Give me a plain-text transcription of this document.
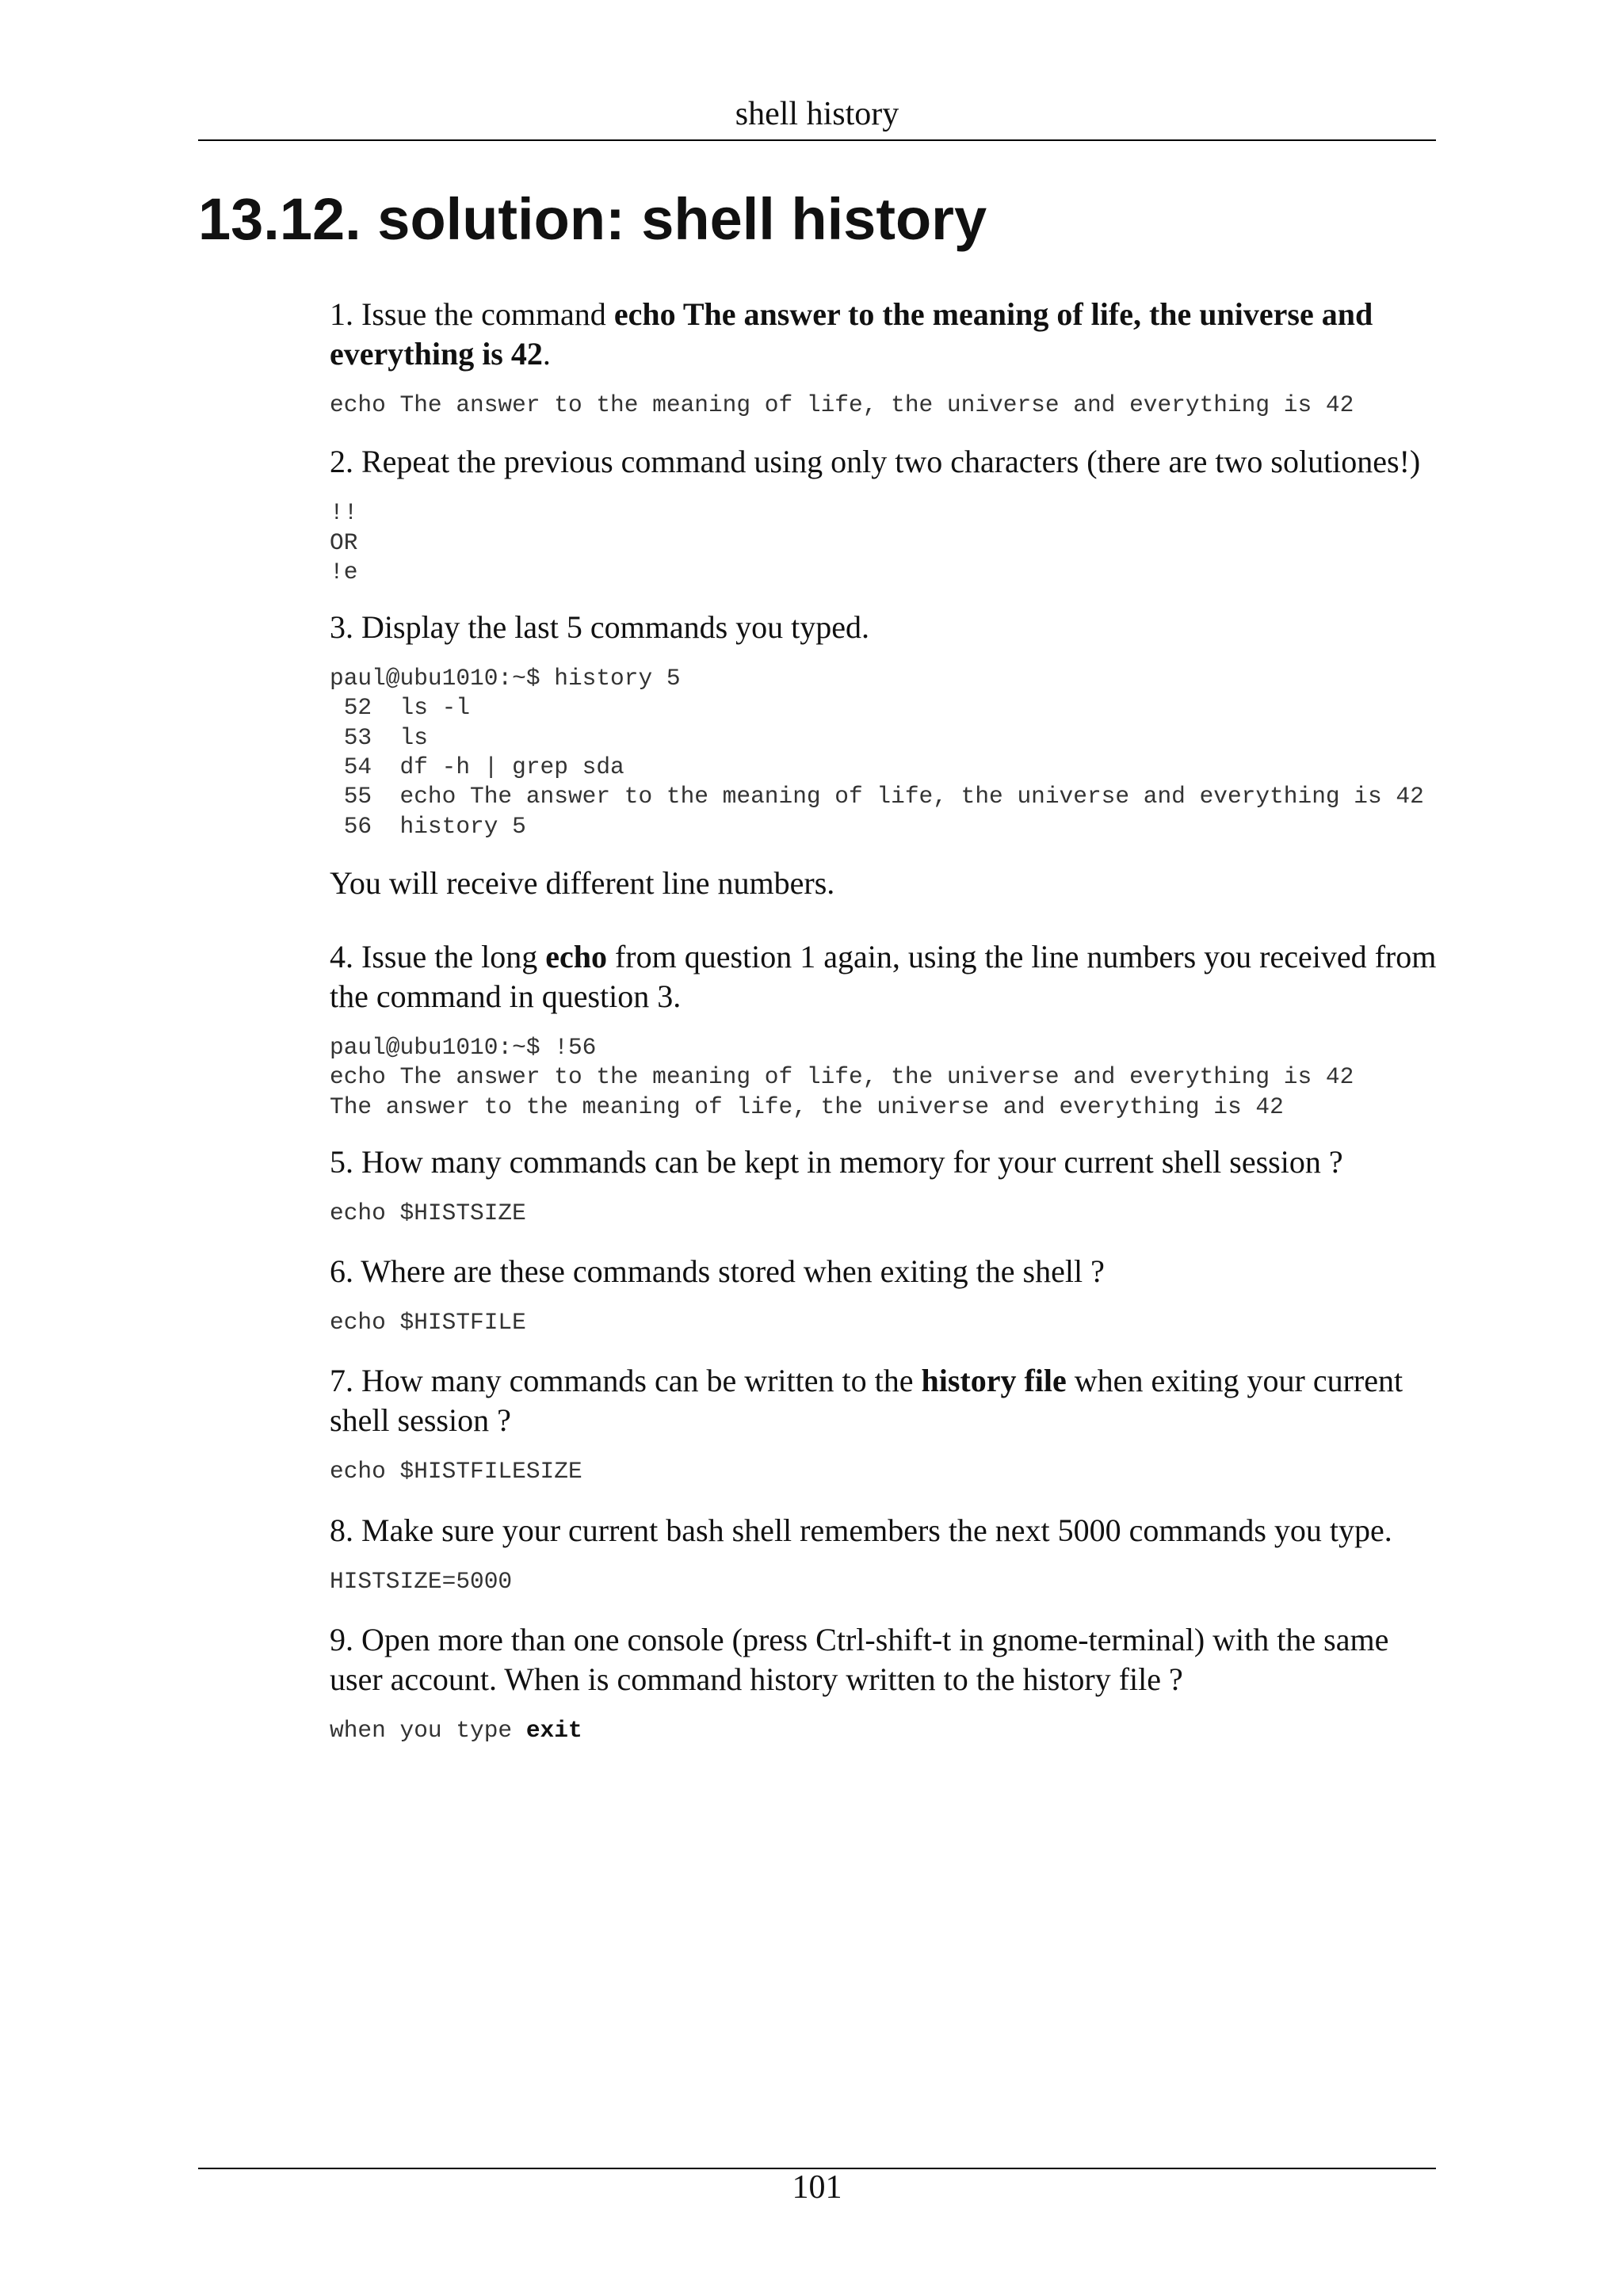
shell history
13.12. solution: shell history

1. Issue the command echo The answer to the meaning of life, the universe and everything is 42.

echo The answer to the meaning of life, the universe and everything is 42

2. Repeat the previous command using only two characters (there are two solutiones!)

!!
OR
!e

3. Display the last 5 commands you typed.

paul@ubu1010:~$ history 5
52  ls -l
53  ls
54  df -h | grep sda
55  echo The answer to the meaning of life, the universe and everything is 42
56  history 5

You will receive different line numbers.

4. Issue the long echo from question 1 again, using the line numbers you received from the command in question 3.

paul@ubu1010:~$ !56
echo The answer to the meaning of life, the universe and everything is 42
The answer to the meaning of life, the universe and everything is 42

5. How many commands can be kept in memory for your current shell session ?

echo $HISTSIZE

6. Where are these commands stored when exiting the shell ?

echo $HISTFILE

7. How many commands can be written to the history file when exiting your current shell session ?

echo $HISTFILESIZE

8. Make sure your current bash shell remembers the next 5000 commands you type.

HISTSIZE=5000

9. Open more than one console (press Ctrl-shift-t in gnome-terminal) with the same user account. When is command history written to the history file ?

when you type exit
101
